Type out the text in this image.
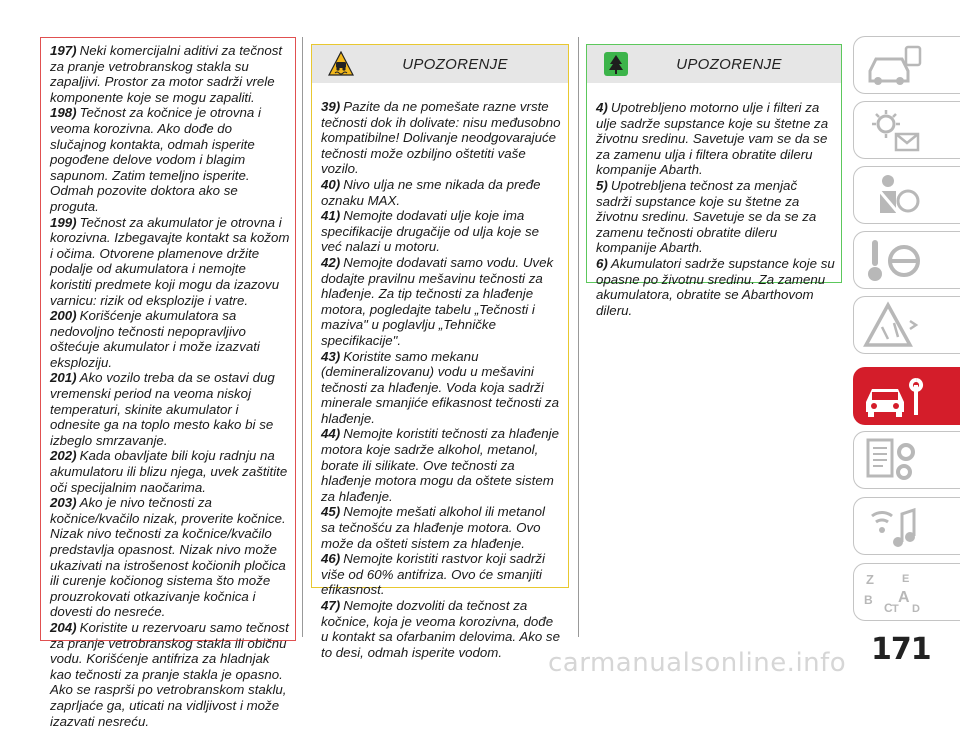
197) Neki komercijalni aditivi za tečnost za pranje vetrobranskog stakla su zapaljivi. Prostor za motor sadrži vrele komponente koje se mogu zapaliti.

198) Tečnost za kočnice je otrovna i veoma korozivna. Ako dođe do slučajnog kontakta, odmah isperite pogođene delove vodom i blagim sapunom. Zatim temeljno isperite. Odmah pozovite doktora ako se proguta.

199) Tečnost za akumulator je otrovna i korozivna. Izbegavajte kontakt sa kožom i očima. Otvorene plamenove držite podalje od akumulatora i nemojte koristiti predmete koji mogu da izazovu varnicu: rizik od eksplozije i vatre.

200) Korišćenje akumulatora sa nedovoljno tečnosti nepopravljivo oštećuje akumulator i može izazvati eksploziju.

201) Ako vozilo treba da se ostavi dug vremenski period na veoma niskoj temperaturi, skinite akumulator i odnesite ga na toplo mesto kako bi se izbeglo smrzavanje.

202) Kada obavljate bili koju radnju na akumulatoru ili blizu njega, uvek zaštitite oči specijalnim naočarima.

203) Ako je nivo tečnosti za kočnice/kvačilo nizak, proverite kočnice. Nizak nivo tečnosti za kočnice/kvačilo predstavlja opasnost. Nizak nivo može ukazivati na istrošenost kočionih pločica ili curenje kočionog sistema što može prouzrokovati otkazivanje kočnica i dovesti do nesreće.

204) Koristite u rezervoaru samo tečnost za pranje vetrobranskog stakla ili običnu vodu. Korišćenje antifriza za hladnjak kao tečnosti za pranje stakla je opasno. Ako se rasprši po vetrobranskom staklu, zaprljaće ga, uticati na vidljivost i može izazvati nesreću.

UPOZORENJE

39) Pazite da ne pomešate razne vrste tečnosti dok ih dolivate: nisu međusobno kompatibilne! Dolivanje neodgovarajuće tečnosti može ozbiljno oštetiti vaše vozilo.

40) Nivo ulja ne sme nikada da pređe oznaku MAX.

41) Nemojte dodavati ulje koje ima specifikacije drugačije od ulja koje se već nalazi u motoru.

42) Nemojte dodavati samo vodu. Uvek dodajte pravilnu mešavinu tečnosti za hlađenje. Za tip tečnosti za hlađenje motora, pogledajte tabelu „Tečnosti i maziva" u poglavlju „Tehničke specifikacije".

43) Koristite samo mekanu (demineralizovanu) vodu u mešavini tečnosti za hlađenje. Voda koja sadrži minerale smanjiće efikasnost tečnosti za hlađenje.

44) Nemojte koristiti tečnosti za hlađenje motora koje sadrže alkohol, metanol, borate ili silikate. Ove tečnosti za hlađenje motora mogu da oštete sistem za hlađenje.

45) Nemojte mešati alkohol ili metanol sa tečnošću za hlađenje motora. Ovo može da ošteti sistem za hlađenje.

46) Nemojte koristiti rastvor koji sadrži više od 60% antifriza. Ovo će smanjiti efikasnost.

47) Nemojte dozvoliti da tečnost za kočnice, koja je veoma korozivna, dođe u kontakt sa ofarbanim delovima. Ako se to desi, odmah isperite vodom.

UPOZORENJE

4) Upotrebljeno motorno ulje i filteri za ulje sadrže supstance koje su štetne za životnu sredinu. Savetuje vam se da se za zamenu ulja i filtera obratite dileru kompanije Abarth.

5) Upotrebljena tečnost za menjač sadrži supstance koje su štetne za životnu sredinu. Savetuje se da se za zamenu tečnosti obratite dileru kompanije Abarth.

6) Akumulatori sadrže supstance koje su opasne po životnu sredinu. Za zamenu akumulatora, obratite se Abarthovom dileru.

Z	E
B
C
A
D
T
171
carmanualsonline.info
